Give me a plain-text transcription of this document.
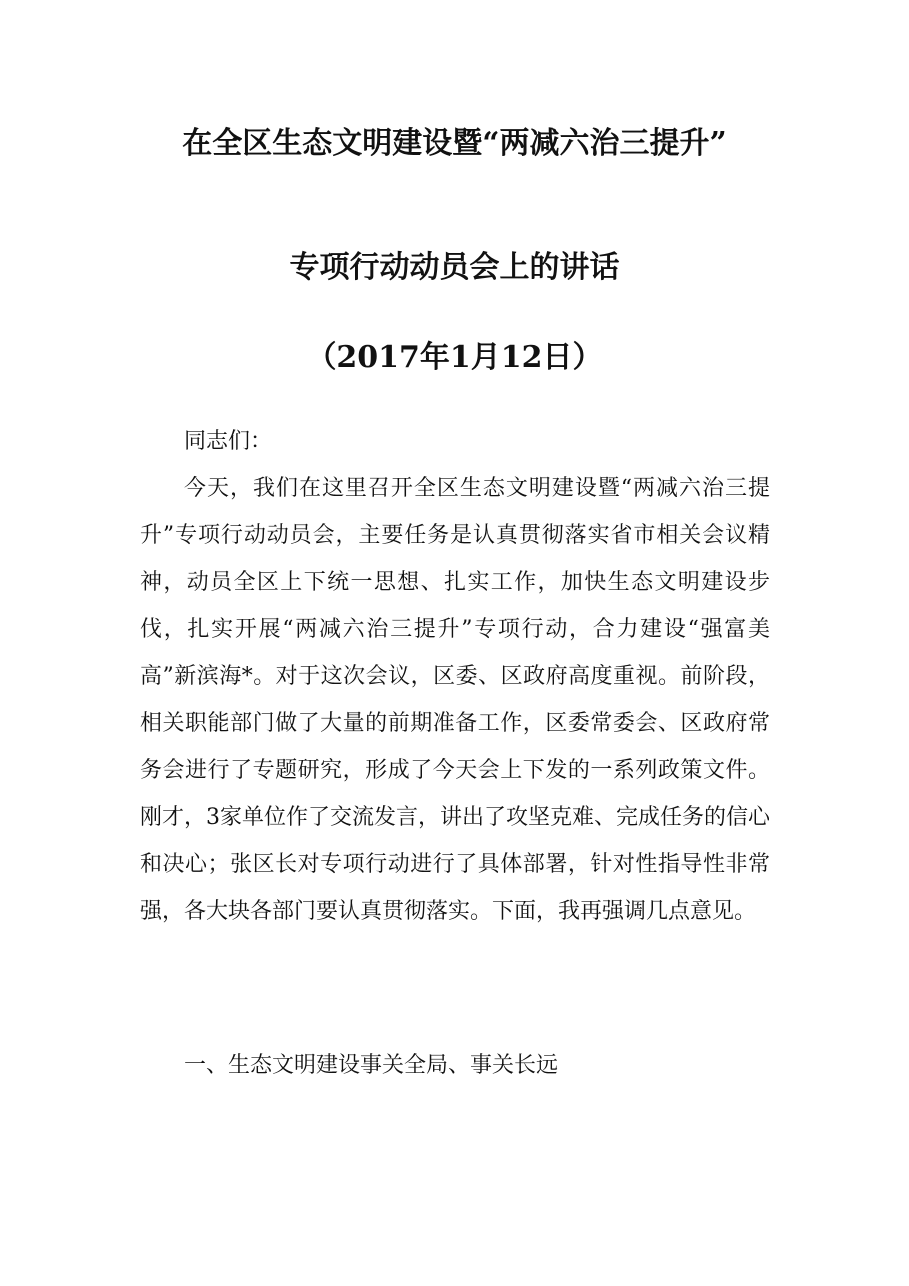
在全区生态文明建设暨“两减六治三提升”
专项行动动员会上的讲话
（2017年1月12日）

同志们：

今天，我们在这里召开全区生态文明建设暨“两减六治三提升”专项行动动员会，主要任务是认真贯彻落实省市相关会议精神，动员全区上下统一思想、扎实工作，加快生态文明建设步伐，扎实开展“两减六治三提升”专项行动，合力建设“强富美高”新滨海*。对于这次会议，区委、区政府高度重视。前阶段，相关职能部门做了大量的前期准备工作，区委常委会、区政府常务会进行了专题研究，形成了今天会上下发的一系列政策文件。刚才，3家单位作了交流发言，讲出了攻坚克难、完成任务的信心和决心；张区长对专项行动进行了具体部署，针对性指导性非常强，各大块各部门要认真贯彻落实。下面，我再强调几点意见。

一、生态文明建设事关全局、事关长远
